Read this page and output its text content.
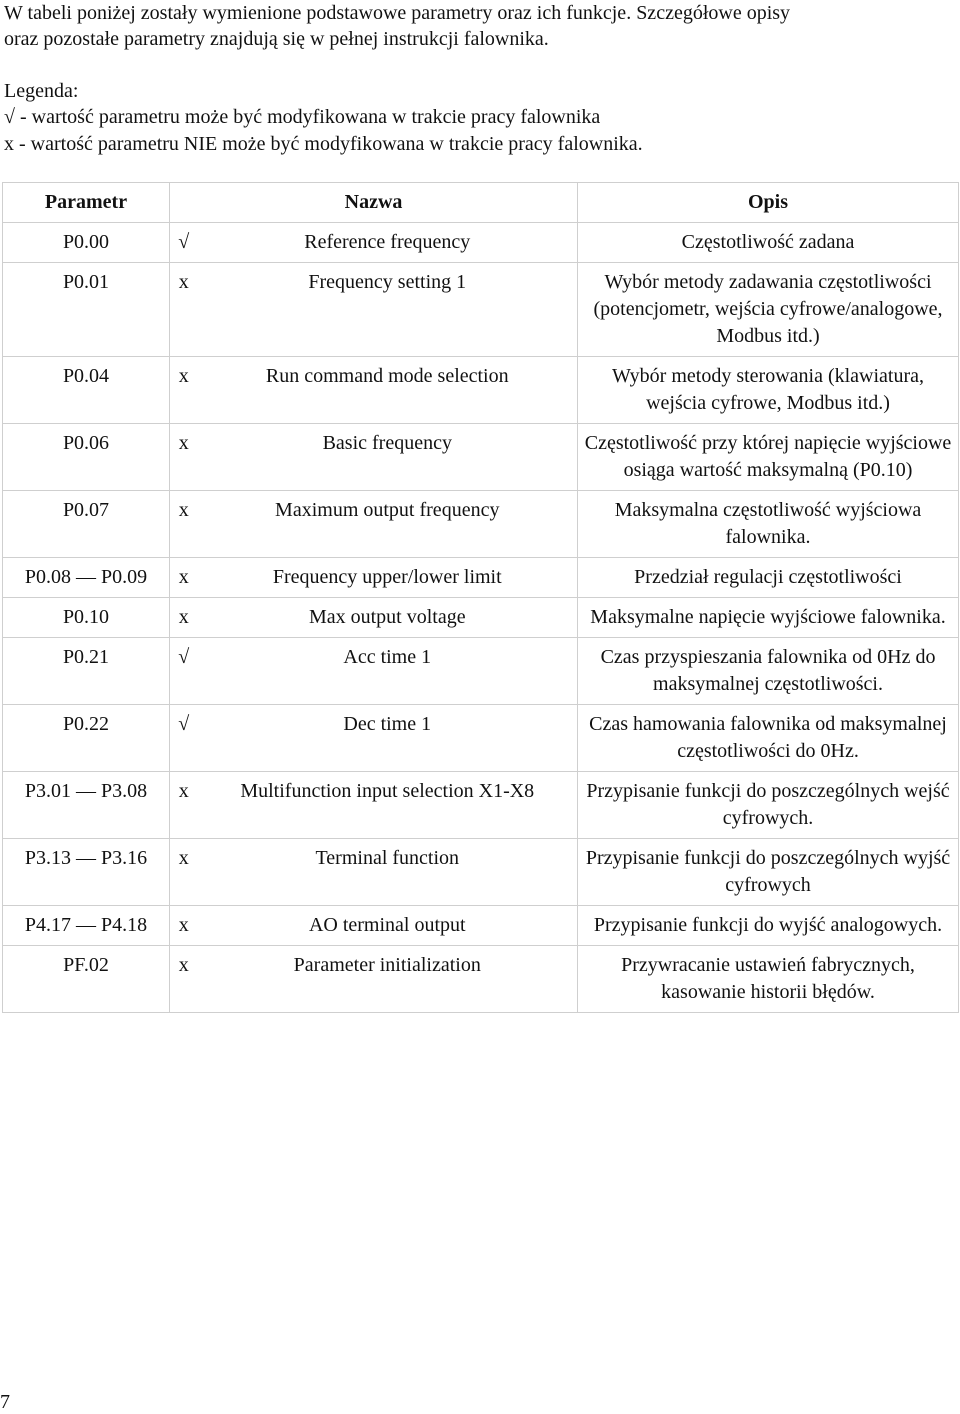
W tabeli poniżej zostały wymienione podstawowe parametry oraz ich funkcje. Szczegółowe opisy
oraz pozostałe parametry znajdują się w pełnej instrukcji falownika.
Legenda:
√ - wartość parametru może być modyfikowana w trakcie pracy falownika
x - wartość parametru NIE może być modyfikowana w trakcie pracy falownika.
Parametr	Nazwa		Opis
P0.00	√	Reference frequency	Częstotliwość zadana
P0.01	x	Frequency setting 1	Wybór metody zadawania częstotliwości (potencjometr, wejścia cyfrowe/analogowe, Modbus itd.)
P0.04	x	Run command mode selection	Wybór metody sterowania (klawiatura, wejścia cyfrowe, Modbus itd.)
P0.06	x	Basic frequency	Częstotliwość przy której napięcie wyjściowe osiąga wartość maksymalną (P0.10)
P0.07	x	Maximum output frequency	Maksymalna częstotliwość wyjściowa falownika.
P0.08 — P0.09	x	Frequency upper/lower limit	Przedział regulacji częstotliwości
P0.10	x	Max output voltage	Maksymalne napięcie wyjściowe falownika.
P0.21	√	Acc time 1	Czas przyspieszania falownika od 0Hz do maksymalnej częstotliwości.
P0.22	√	Dec time 1	Czas hamowania falownika od maksymalnej częstotliwości do 0Hz.
P3.01 — P3.08	x	Multifunction input selection X1-X8	Przypisanie funkcji do poszczególnych wejść cyfrowych.
P3.13 — P3.16	x	Terminal function	Przypisanie funkcji do poszczególnych wyjść cyfrowych
P4.17 — P4.18	x	AO terminal output	Przypisanie funkcji do wyjść analogowych.
PF.02	x	Parameter initialization	Przywracanie ustawień fabrycznych, kasowanie historii błędów.
7
